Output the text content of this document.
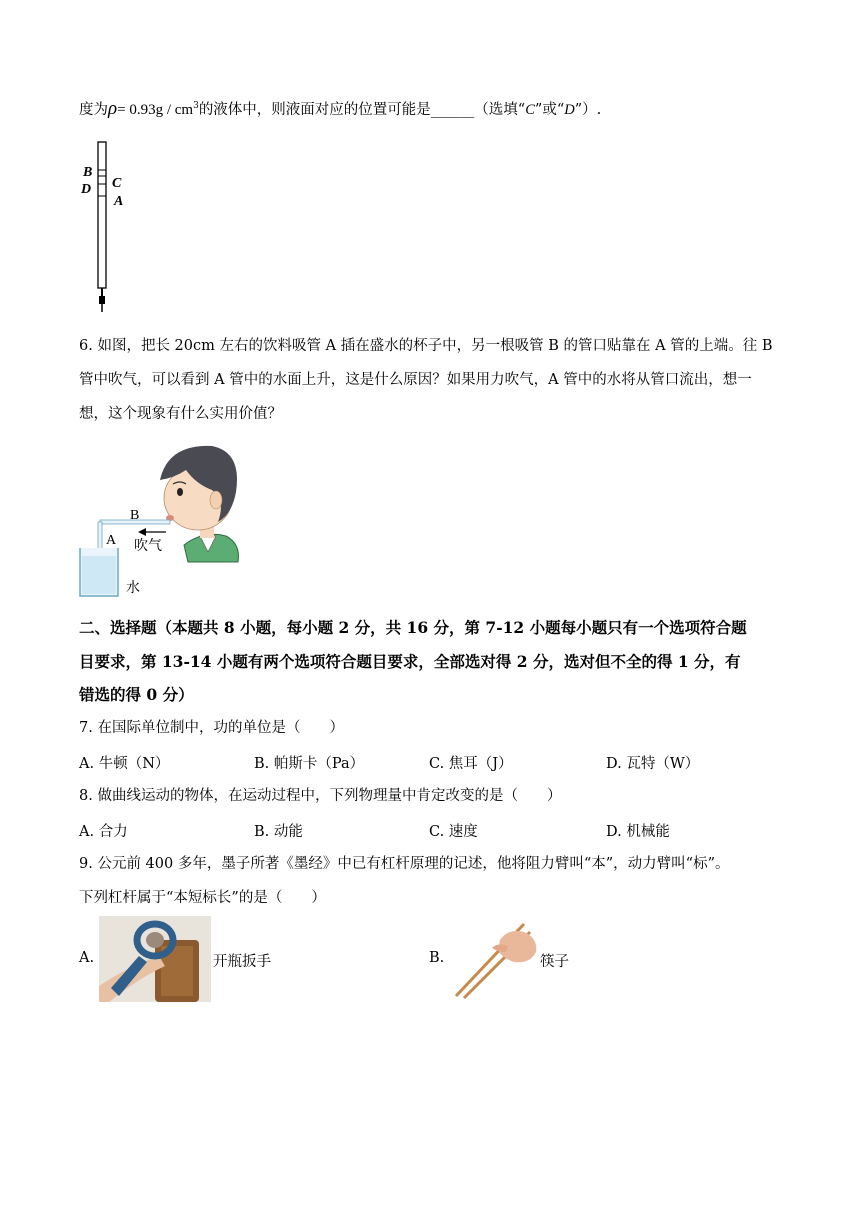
度为$\rho= 0.93g / cm^3$的液体中，则液面对应的位置可能是______（选填“C”或“D”）.
B
C
D
A
6. 如图，把长 20cm 左右的饮料吸管 A 插在盛水的杯子中，另一根吸管 B 的管口贴靠在 A 管的上端。往 B
管中吹气，可以看到 A 管中的水面上升，这是什么原因？如果用力吹气，A 管中的水将从管口流出，想一
想，这个现象有什么实用价值？
B
A 吹气
水
二、选择题（本题共 8 小题，每小题 2 分，共 16 分，第 7-12 小题每小题只有一个选项符合题
目要求，第 13-14 小题有两个选项符合题目要求，全部选对得 2 分，选对但不全的得 1 分，有
错选的得 0 分）
7. 在国际单位制中，功的单位是（　　）
A. 牛顿（N）	B. 帕斯卡（Pa）	C. 焦耳（J）	D. 瓦特（W）
8. 做曲线运动的物体，在运动过程中，下列物理量中肯定改变的是（　　）
A. 合力	B. 动能	C. 速度	D. 机械能
9. 公元前 400 多年，墨子所著《墨经》中已有杠杆原理的记述，他将阻力臂叫“本”，动力臂叫“标”。
下列杠杆属于“本短标长”的是（　　）
A.	开瓶扳手	B.	筷子
